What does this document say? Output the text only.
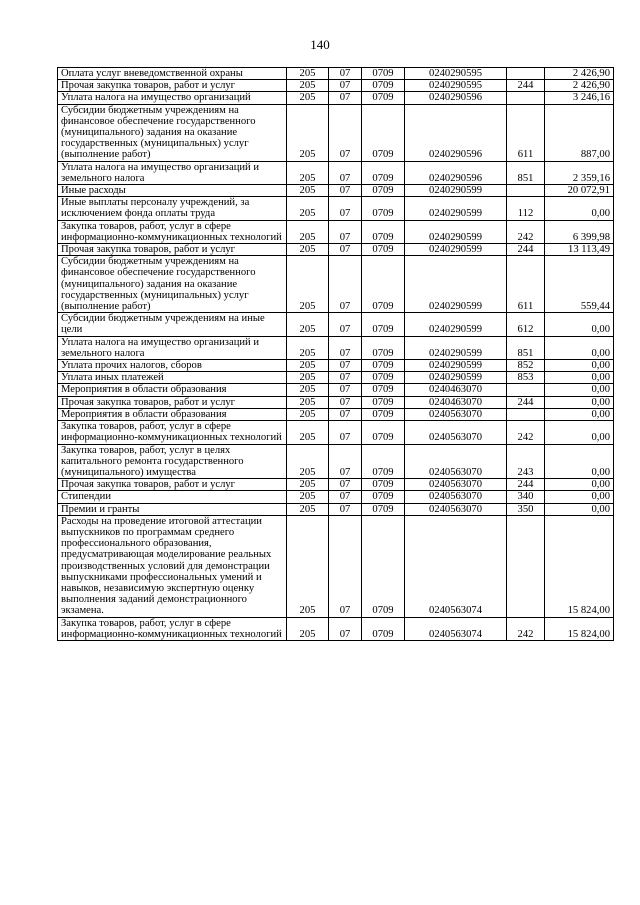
140
Оплата услуг вневедомственной охраны	205	07	0709	0240290595		2 426,90
Прочая закупка товаров, работ и услуг	205	07	0709	0240290595	244	2 426,90
Уплата налога на имущество организаций	205	07	0709	0240290596		3 246,16
Субсидии бюджетным учреждениям на финансовое обеспечение государственного (муниципального) задания на оказание государственных (муниципальных) услуг (выполнение работ)	205	07	0709	0240290596	611	887,00
Уплата налога на имущество организаций и земельного налога	205	07	0709	0240290596	851	2 359,16
Иные расходы	205	07	0709	0240290599		20 072,91
Иные выплаты персоналу учреждений, за исключением фонда оплаты труда	205	07	0709	0240290599	112	0,00
Закупка товаров, работ, услуг в сфере информационно-коммуникационных технологий	205	07	0709	0240290599	242	6 399,98
Прочая закупка товаров, работ и услуг	205	07	0709	0240290599	244	13 113,49
Субсидии бюджетным учреждениям на финансовое обеспечение государственного (муниципального) задания на оказание государственных (муниципальных) услуг (выполнение работ)	205	07	0709	0240290599	611	559,44
Субсидии бюджетным учреждениям на иные цели	205	07	0709	0240290599	612	0,00
Уплата налога на имущество организаций и земельного налога	205	07	0709	0240290599	851	0,00
Уплата прочих налогов, сборов	205	07	0709	0240290599	852	0,00
Уплата иных платежей	205	07	0709	0240290599	853	0,00
Мероприятия в области образования	205	07	0709	0240463070		0,00
Прочая закупка товаров, работ и услуг	205	07	0709	0240463070	244	0,00
Мероприятия в области образования	205	07	0709	0240563070		0,00
Закупка товаров, работ, услуг в сфере информационно-коммуникационных технологий	205	07	0709	0240563070	242	0,00
Закупка товаров, работ, услуг в целях капитального ремонта государственного (муниципального) имущества	205	07	0709	0240563070	243	0,00
Прочая закупка товаров, работ и услуг	205	07	0709	0240563070	244	0,00
Стипендии	205	07	0709	0240563070	340	0,00
Премии и гранты	205	07	0709	0240563070	350	0,00
Расходы на проведение итоговой аттестации выпускников по программам среднего профессионального образования, предусматривающая моделирование реальных производственных условий для демонстрации выпускниками профессиональных умений и навыков, независимую экспертную оценку выполнения заданий демонстрационного экзамена.	205	07	0709	0240563074		15 824,00
Закупка товаров, работ, услуг в сфере информационно-коммуникационных технологий	205	07	0709	0240563074	242	15 824,00
